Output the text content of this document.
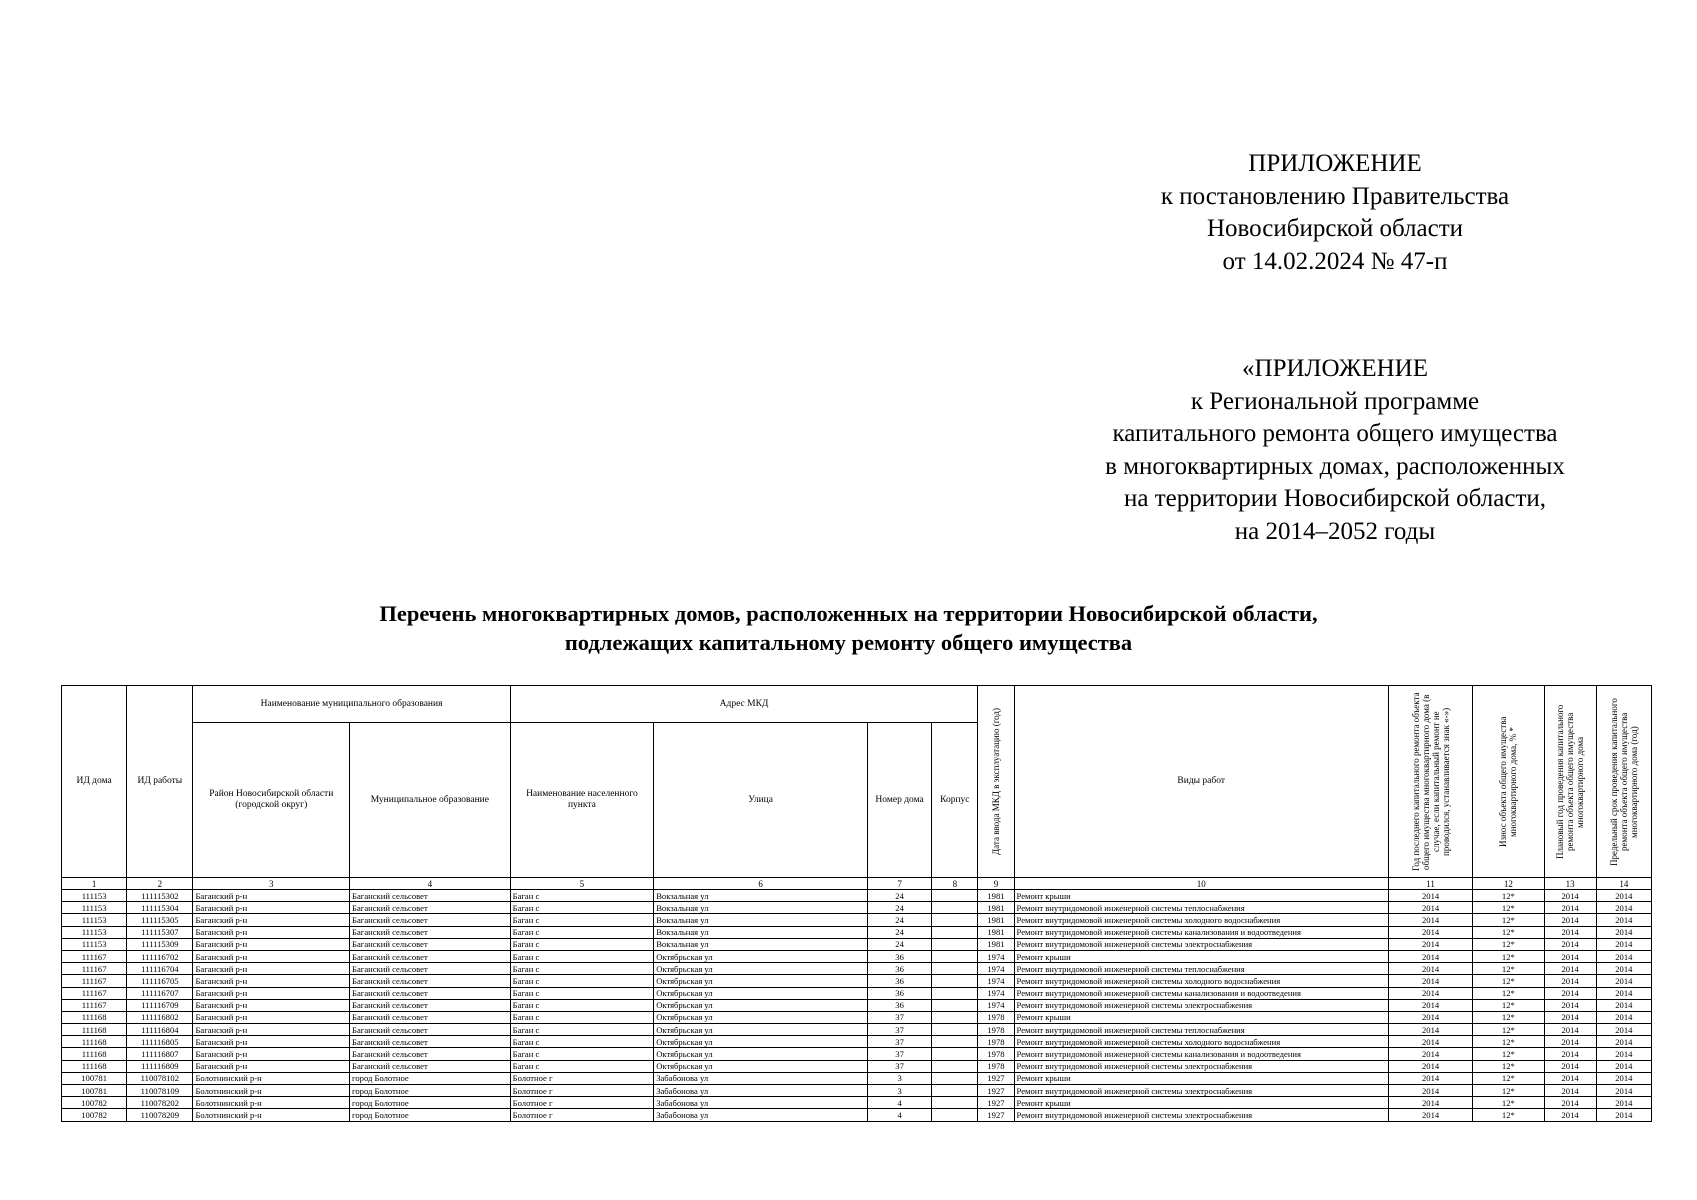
ПРИЛОЖЕНИЕ
к постановлению Правительства
Новосибирской области
от 14.02.2024 № 47-п
«ПРИЛОЖЕНИЕ
к Региональной программе
капитального ремонта общего имущества
в многоквартирных домах, расположенных
на территории Новосибирской области,
на 2014–2052 годы
Перечень многоквартирных домов, расположенных на территории Новосибирской области,
подлежащих капитальному ремонту общего имущества
ИД дома	ИД работы	Наименование муниципального образования		Адрес МКД				Дата ввода МКД в эксплуатацию (год)	Виды работ	Год последнего капитального ремонта объекта общего имущества многоквартирного дома (в случае, если капитальный ремонт не проводился, устанавливается знак «-»)	Износ объекта общего имущества многоквартирного дома, % *	Плановый год проведения капитального ремонта объекта общего имущества многоквартирного дома	Предельный срок проведения капитального ремонта объекта общего имущества многоквартирного дома (год)

		Район Новосибирской области (городской округ)	Муниципальное образование	Наименование населенного пункта	Улица	Номер дома	Корпус						
1	2	3	4	5	6	7	8	9	10	11	12	13	14
111153	111115302	Баганский р-н	Баганский сельсовет	Баган с	Вокзальная ул	24		1981	Ремонт крыши	2014	12*	2014	2014
111153	111115304	Баганский р-н	Баганский сельсовет	Баган с	Вокзальная ул	24		1981	Ремонт внутридомовой инженерной системы теплоснабжения	2014	12*	2014	2014
111153	111115305	Баганский р-н	Баганский сельсовет	Баган с	Вокзальная ул	24		1981	Ремонт внутридомовой инженерной системы холодного водоснабжения	2014	12*	2014	2014
111153	111115307	Баганский р-н	Баганский сельсовет	Баган с	Вокзальная ул	24		1981	Ремонт внутридомовой инженерной системы канализования и водоотведения	2014	12*	2014	2014
111153	111115309	Баганский р-н	Баганский сельсовет	Баган с	Вокзальная ул	24		1981	Ремонт внутридомовой инженерной системы электроснабжения	2014	12*	2014	2014
111167	111116702	Баганский р-н	Баганский сельсовет	Баган с	Октябрьская ул	36		1974	Ремонт крыши	2014	12*	2014	2014
111167	111116704	Баганский р-н	Баганский сельсовет	Баган с	Октябрьская ул	36		1974	Ремонт внутридомовой инженерной системы теплоснабжения	2014	12*	2014	2014
111167	111116705	Баганский р-н	Баганский сельсовет	Баган с	Октябрьская ул	36		1974	Ремонт внутридомовой инженерной системы холодного водоснабжения	2014	12*	2014	2014
111167	111116707	Баганский р-н	Баганский сельсовет	Баган с	Октябрьская ул	36		1974	Ремонт внутридомовой инженерной системы канализования и водоотведения	2014	12*	2014	2014
111167	111116709	Баганский р-н	Баганский сельсовет	Баган с	Октябрьская ул	36		1974	Ремонт внутридомовой инженерной системы электроснабжения	2014	12*	2014	2014
111168	111116802	Баганский р-н	Баганский сельсовет	Баган с	Октябрьская ул	37		1978	Ремонт крыши	2014	12*	2014	2014
111168	111116804	Баганский р-н	Баганский сельсовет	Баган с	Октябрьская ул	37		1978	Ремонт внутридомовой инженерной системы теплоснабжения	2014	12*	2014	2014
111168	111116805	Баганский р-н	Баганский сельсовет	Баган с	Октябрьская ул	37		1978	Ремонт внутридомовой инженерной системы холодного водоснабжения	2014	12*	2014	2014
111168	111116807	Баганский р-н	Баганский сельсовет	Баган с	Октябрьская ул	37		1978	Ремонт внутридомовой инженерной системы канализования и водоотведения	2014	12*	2014	2014
111168	111116809	Баганский р-н	Баганский сельсовет	Баган с	Октябрьская ул	37		1978	Ремонт внутридомовой инженерной системы электроснабжения	2014	12*	2014	2014
100781	110078102	Болотнинский р-н	город Болотное	Болотное г	Забабонова ул	3		1927	Ремонт крыши	2014	12*	2014	2014
100781	110078109	Болотнинский р-н	город Болотное	Болотное г	Забабонова ул	3		1927	Ремонт внутридомовой инженерной системы электроснабжения	2014	12*	2014	2014
100782	110078202	Болотнинский р-н	город Болотное	Болотное г	Забабонова ул	4		1927	Ремонт крыши	2014	12*	2014	2014
100782	110078209	Болотнинский р-н	город Болотное	Болотное г	Забабонова ул	4		1927	Ремонт внутридомовой инженерной системы электроснабжения	2014	12*	2014	2014
